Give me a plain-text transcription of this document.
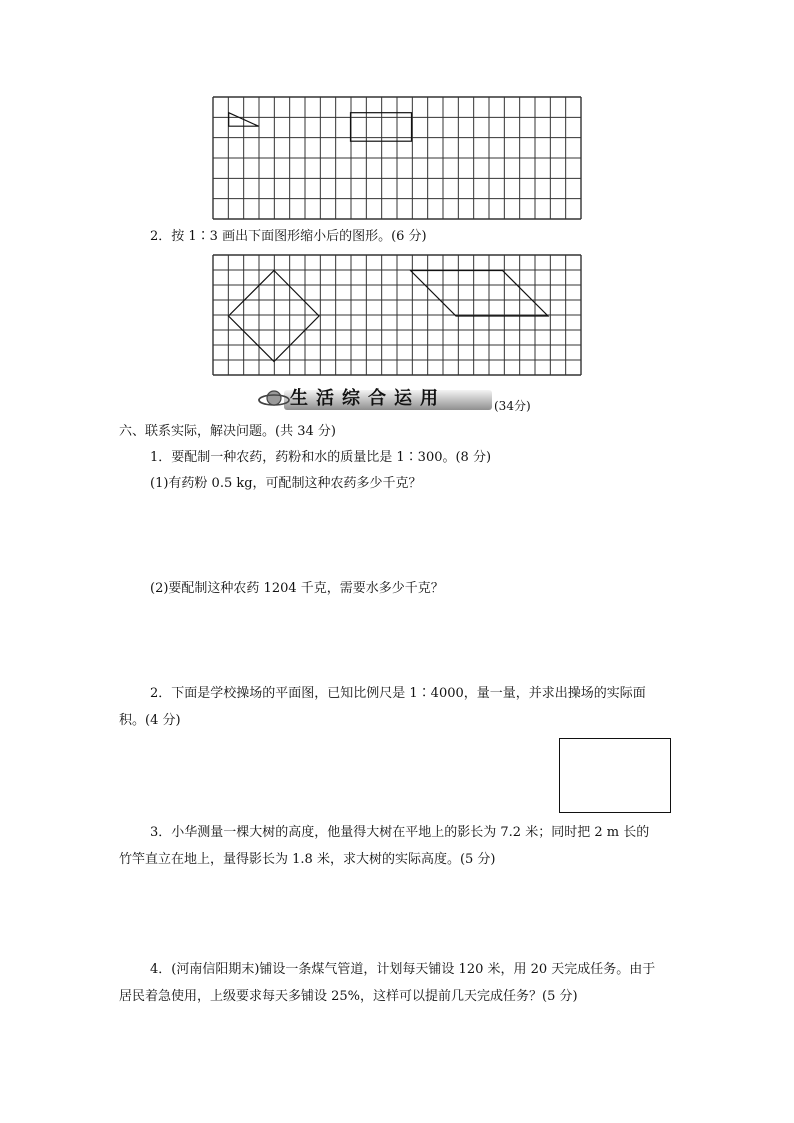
2．按 1∶3 画出下面图形缩小后的图形。(6 分)
生活综合运用	(34分)
六、联系实际，解决问题。(共 34 分)
1．要配制一种农药，药粉和水的质量比是 1∶300。(8 分)
(1)有药粉 0.5 kg，可配制这种农药多少千克？
(2)要配制这种农药 1204 千克，需要水多少千克？
2．下面是学校操场的平面图，已知比例尺是 1∶4000，量一量，并求出操场的实际面
积。(4 分)
3．小华测量一棵大树的高度，他量得大树在平地上的影长为 7.2 米；同时把 2 m 长的
竹竿直立在地上，量得影长为 1.8 米，求大树的实际高度。(5 分)
4．(河南信阳期末)铺设一条煤气管道，计划每天铺设 120 米，用 20 天完成任务。由于
居民着急使用，上级要求每天多铺设 25%，这样可以提前几天完成任务？(5 分)
